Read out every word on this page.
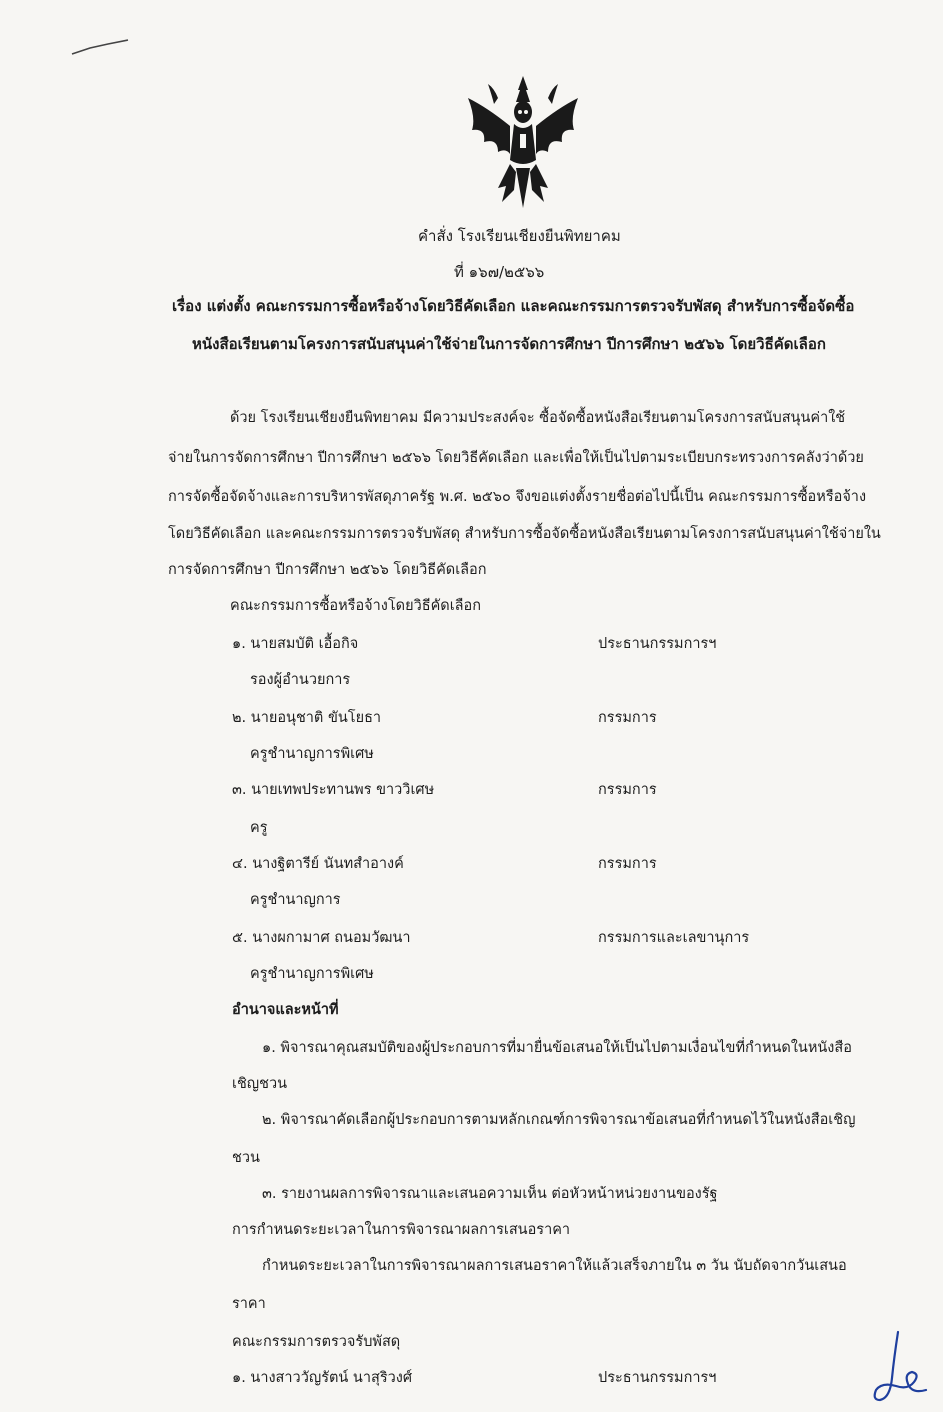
คำสั่ง โรงเรียนเชียงยืนพิทยาคม
ที่ ๑๖๗/๒๕๖๖
เรื่อง แต่งตั้ง คณะกรรมการซื้อหรือจ้างโดยวิธีคัดเลือก และคณะกรรมการตรวจรับพัสดุ สำหรับการซื้อจัดซื้อ
หนังสือเรียนตามโครงการสนับสนุนค่าใช้จ่ายในการจัดการศึกษา ปีการศึกษา ๒๕๖๖ โดยวิธีคัดเลือก
ด้วย โรงเรียนเชียงยืนพิทยาคม มีความประสงค์จะ ซื้อจัดซื้อหนังสือเรียนตามโครงการสนับสนุนค่าใช้
จ่ายในการจัดการศึกษา ปีการศึกษา ๒๕๖๖ โดยวิธีคัดเลือก และเพื่อให้เป็นไปตามระเบียบกระทรวงการคลังว่าด้วย
การจัดซื้อจัดจ้างและการบริหารพัสดุภาครัฐ พ.ศ. ๒๕๖๐ จึงขอแต่งตั้งรายชื่อต่อไปนี้เป็น คณะกรรมการซื้อหรือจ้าง
โดยวิธีคัดเลือก และคณะกรรมการตรวจรับพัสดุ สำหรับการซื้อจัดซื้อหนังสือเรียนตามโครงการสนับสนุนค่าใช้จ่ายใน
การจัดการศึกษา ปีการศึกษา ๒๕๖๖ โดยวิธีคัดเลือก
คณะกรรมการซื้อหรือจ้างโดยวิธีคัดเลือก
๑. นายสมบัติ เอื้อกิจ	ประธานกรรมการฯ
รองผู้อำนวยการ
๒. นายอนุชาติ ขันโยธา	กรรมการ
ครูชำนาญการพิเศษ
๓. นายเทพประทานพร ขาววิเศษ	กรรมการ
ครู
๔. นางฐิตารีย์ นันทสำอางค์	กรรมการ
ครูชำนาญการ
๕. นางผกามาศ ถนอมวัฒนา	กรรมการและเลขานุการ
ครูชำนาญการพิเศษ
อำนาจและหน้าที่
๑. พิจารณาคุณสมบัติของผู้ประกอบการที่มายื่นข้อเสนอให้เป็นไปตามเงื่อนไขที่กำหนดในหนังสือ
เชิญชวน
๒. พิจารณาคัดเลือกผู้ประกอบการตามหลักเกณฑ์การพิจารณาข้อเสนอที่กำหนดไว้ในหนังสือเชิญ
ชวน
๓. รายงานผลการพิจารณาและเสนอความเห็น ต่อหัวหน้าหน่วยงานของรัฐ
การกำหนดระยะเวลาในการพิจารณาผลการเสนอราคา
กำหนดระยะเวลาในการพิจารณาผลการเสนอราคาให้แล้วเสร็จภายใน ๓ วัน นับถัดจากวันเสนอ
ราคา
คณะกรรมการตรวจรับพัสดุ
๑. นางสาววัญรัตน์ นาสุริวงศ์	ประธานกรรมการฯ
